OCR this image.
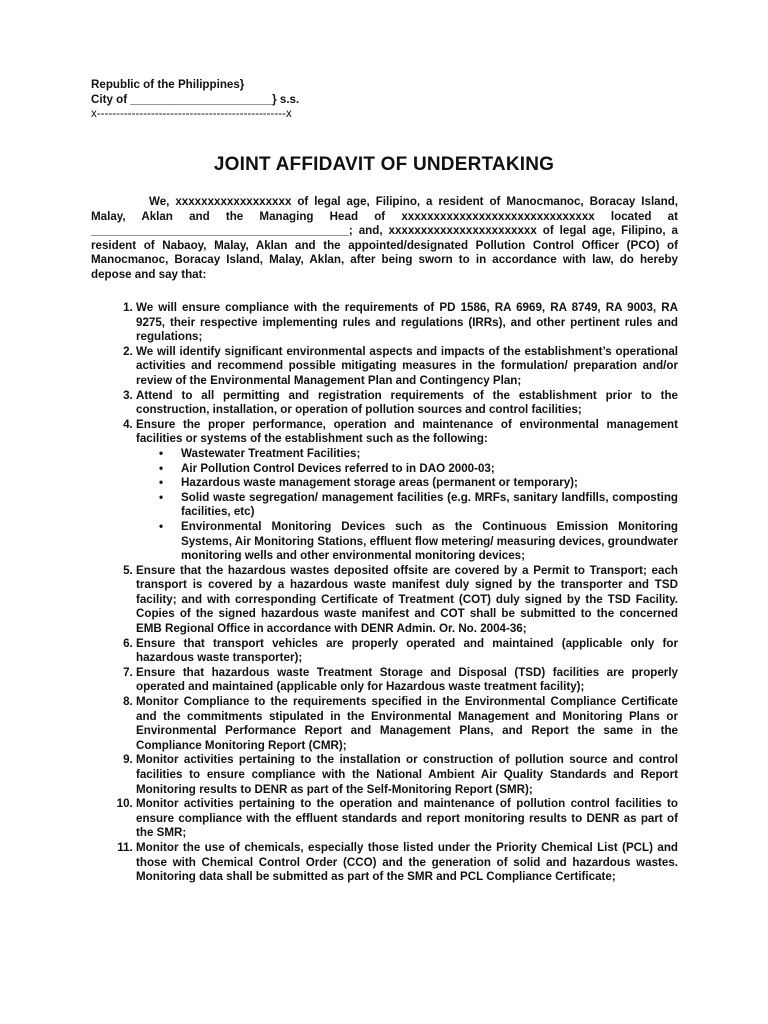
Republic of the Philippines}
City of ______________________} s.s.
x-------------------------------------------------x
JOINT AFFIDAVIT OF UNDERTAKING
We, xxxxxxxxxxxxxxxxxx of legal age, Filipino, a resident of Manocmanoc, Boracay Island, Malay, Aklan and the Managing Head of xxxxxxxxxxxxxxxxxxxxxxxxxxxxxx located at ________________________________________; and, xxxxxxxxxxxxxxxxxxxxxxx of legal age, Filipino, a resident of Nabaoy, Malay, Aklan and the appointed/designated Pollution Control Officer (PCO) of Manocmanoc, Boracay Island, Malay, Aklan, after being sworn to in accordance with law, do hereby depose and say that:
1. We will ensure compliance with the requirements of PD 1586, RA 6969, RA 8749, RA 9003, RA 9275, their respective implementing rules and regulations (IRRs), and other pertinent rules and regulations;
2. We will identify significant environmental aspects and impacts of the establishment’s operational activities and recommend possible mitigating measures in the formulation/ preparation and/or review of the Environmental Management Plan and Contingency Plan;
3. Attend to all permitting and registration requirements of the establishment prior to the construction, installation, or operation of pollution sources and control facilities;
4. Ensure the proper performance, operation and maintenance of environmental management facilities or systems of the establishment such as the following:
• Wastewater Treatment Facilities;
• Air Pollution Control Devices referred to in DAO 2000-03;
• Hazardous waste management storage areas (permanent or temporary);
• Solid waste segregation/ management facilities (e.g. MRFs, sanitary landfills, composting facilities, etc)
• Environmental Monitoring Devices such as the Continuous Emission Monitoring Systems, Air Monitoring Stations, effluent flow metering/ measuring devices, groundwater monitoring wells and other environmental monitoring devices;
5. Ensure that the hazardous wastes deposited offsite are covered by a Permit to Transport; each transport is covered by a hazardous waste manifest duly signed by the transporter and TSD facility; and with corresponding Certificate of Treatment (COT) duly signed by the TSD Facility. Copies of the signed hazardous waste manifest and COT shall be submitted to the concerned EMB Regional Office in accordance with DENR Admin. Or. No. 2004-36;
6. Ensure that transport vehicles are properly operated and maintained (applicable only for hazardous waste transporter);
7. Ensure that hazardous waste Treatment Storage and Disposal (TSD) facilities are properly operated and maintained (applicable only for Hazardous waste treatment facility);
8. Monitor Compliance to the requirements specified in the Environmental Compliance Certificate and the commitments stipulated in the Environmental Management and Monitoring Plans or Environmental Performance Report and Management Plans, and Report the same in the Compliance Monitoring Report (CMR);
9. Monitor activities pertaining to the installation or construction of pollution source and control facilities to ensure compliance with the National Ambient Air Quality Standards and Report Monitoring results to DENR as part of the Self-Monitoring Report (SMR);
10. Monitor activities pertaining to the operation and maintenance of pollution control facilities to ensure compliance with the effluent standards and report monitoring results to DENR as part of the SMR;
11. Monitor the use of chemicals, especially those listed under the Priority Chemical List (PCL) and those with Chemical Control Order (CCO) and the generation of solid and hazardous wastes. Monitoring data shall be submitted as part of the SMR and PCL Compliance Certificate;
